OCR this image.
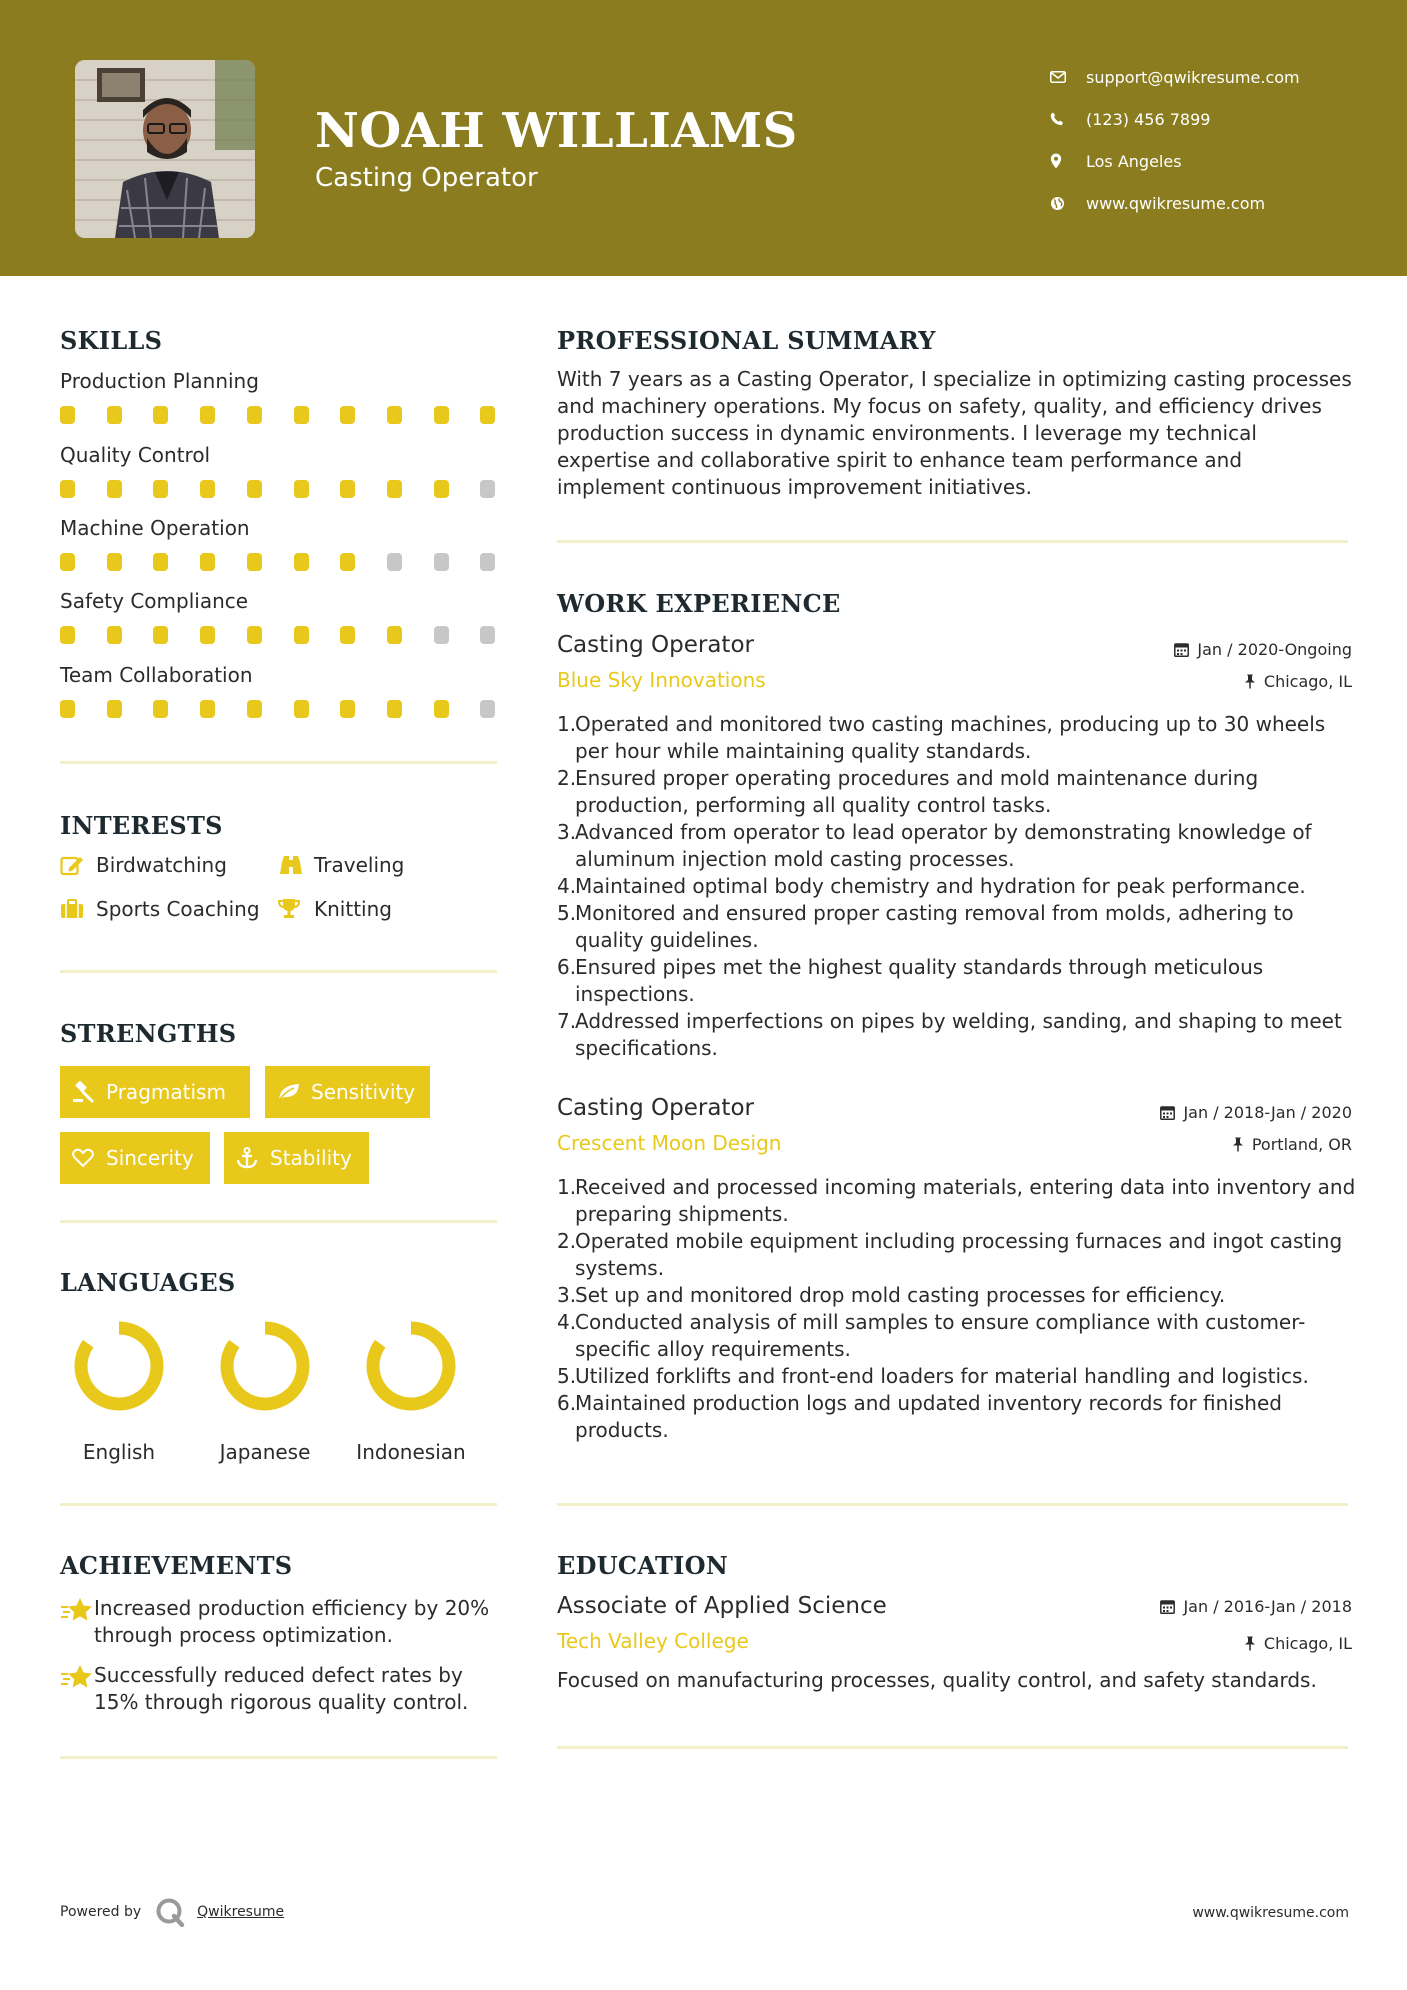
NOAH WILLIAMS
Casting Operator
support@qwikresume.com
(123) 456 7899
Los Angeles
www.qwikresume.com
SKILLS
Production Planning
Quality Control
Machine Operation
Safety Compliance
Team Collaboration
INTERESTS
Birdwatching	Traveling
Sports Coaching	Knitting
STRENGTHS
Pragmatism	Sensitivity
Sincerity	Stability
LANGUAGES
English	Japanese	Indonesian
ACHIEVEMENTS
Increased production efficiency by 20% through process optimization.
Successfully reduced defect rates by 15% through rigorous quality control.
PROFESSIONAL SUMMARY
With 7 years as a Casting Operator, I specialize in optimizing casting processes and machinery operations. My focus on safety, quality, and efficiency drives production success in dynamic environments. I leverage my technical expertise and collaborative spirit to enhance team performance and implement continuous improvement initiatives.
WORK EXPERIENCE
Casting Operator	Jan / 2020-Ongoing
Blue Sky Innovations	Chicago, IL
1.
Operated and monitored two casting machines, producing up to 30 wheels per hour while maintaining quality standards.
2.
Ensured proper operating procedures and mold maintenance during production, performing all quality control tasks.
3.
Advanced from operator to lead operator by demonstrating knowledge of aluminum injection mold casting processes.
4.
Maintained optimal body chemistry and hydration for peak performance.
5.
Monitored and ensured proper casting removal from molds, adhering to quality guidelines.
6.
Ensured pipes met the highest quality standards through meticulous inspections.
7.
Addressed imperfections on pipes by welding, sanding, and shaping to meet specifications.
Casting Operator	Jan / 2018-Jan / 2020
Crescent Moon Design	Portland, OR
1.
Received and processed incoming materials, entering data into inventory and preparing shipments.
2.
Operated mobile equipment including processing furnaces and ingot casting systems.
3.
Set up and monitored drop mold casting processes for efficiency.
4.
Conducted analysis of mill samples to ensure compliance with customer-specific alloy requirements.
5.
Utilized forklifts and front-end loaders for material handling and logistics.
6.
Maintained production logs and updated inventory records for finished products.
EDUCATION
Associate of Applied Science	Jan / 2016-Jan / 2018
Tech Valley College	Chicago, IL
Focused on manufacturing processes, quality control, and safety standards.
Powered by	Qwikresume	www.qwikresume.com
